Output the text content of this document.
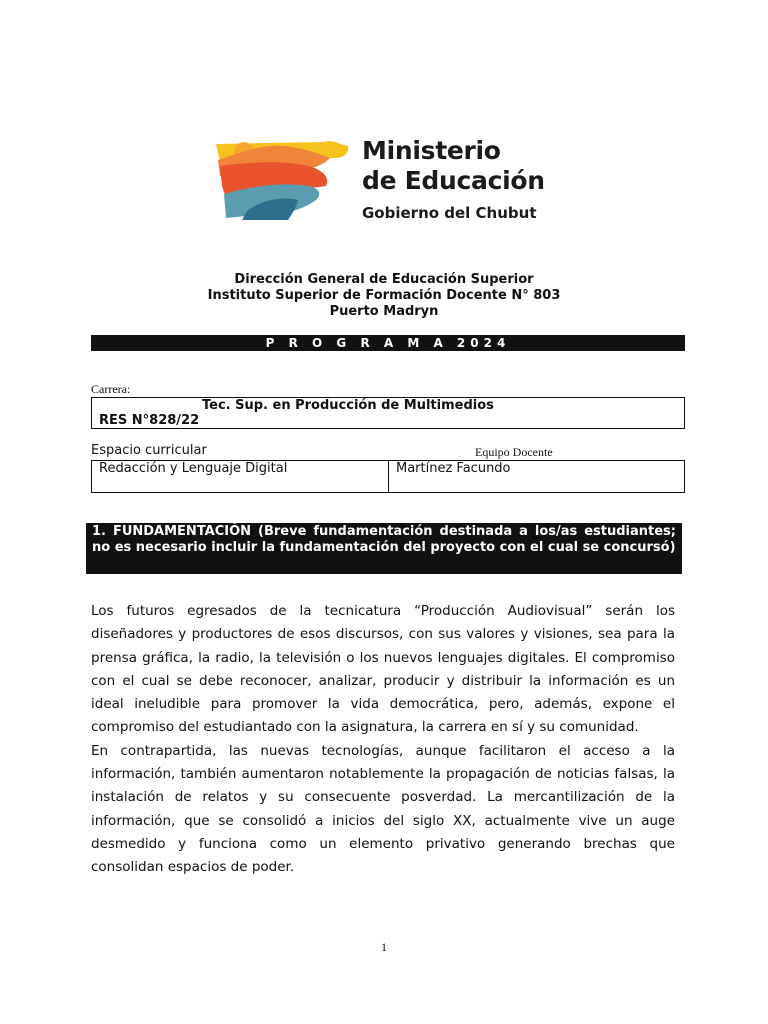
Ministerio
de Educación
Gobierno del Chubut
Dirección General de Educación Superior
Instituto Superior de Formación Docente N° 803
Puerto Madryn
P R O G R A M A 2024
Carrera:
Tec. Sup. en Producción de Multimedios
RES N°828/22
Espacio curricular	Equipo Docente
Redacción y Lenguaje Digital	Martínez Facundo
1. FUNDAMENTACIÓN (Breve fundamentación destinada a los/as estudiantes; no es necesario incluir la fundamentación del proyecto con el cual se concursó)

Los futuros egresados de la tecnicatura “Producción Audiovisual” serán los diseñadores y productores de esos discursos, con sus valores y visiones, sea para la prensa gráfica, la radio, la televisión o los nuevos lenguajes digitales. El compromiso con el cual se debe reconocer, analizar, producir y distribuir la información es un ideal ineludible para promover la vida democrática, pero, además, expone el compromiso del estudiantado con la asignatura, la carrera en sí y su comunidad.

En contrapartida, las nuevas tecnologías, aunque facilitaron el acceso a la información, también aumentaron notablemente la propagación de noticias falsas, la instalación de relatos y su consecuente posverdad. La mercantilización de la información, que se consolidó a inicios del siglo XX, actualmente vive un auge desmedido y funciona como un elemento privativo generando brechas que consolidan espacios de poder.

1
